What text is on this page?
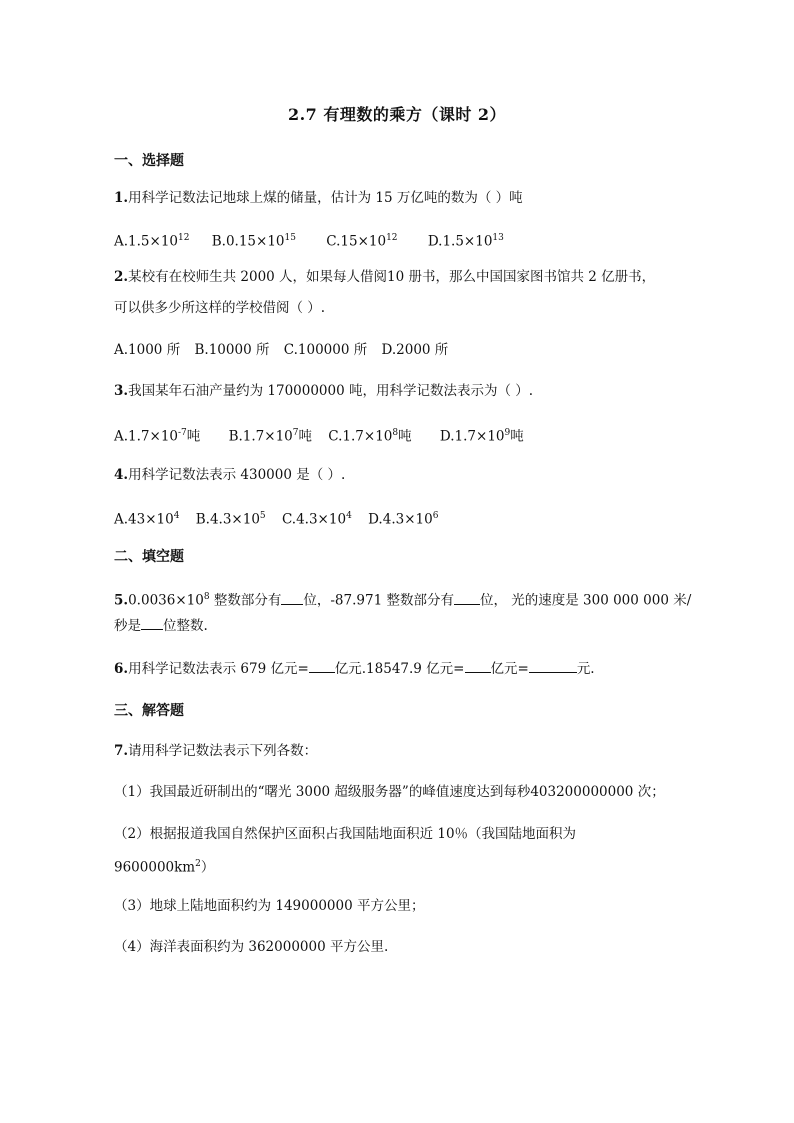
2.7 有理数的乘方（课时 2）
一、选择题
1.用科学记数法记地球上煤的储量，估计为 15 万亿吨的数为（ ）吨
$A.1.5\times 10^{12}$ $B.0.15\times 10^{15}$ $C.15\times 10^{12}$ $D.1.5\times 10^{13}$
2.某校有在校师生共 2000 人，如果每人借阅10 册书，那么中国国家图书馆共 2 亿册书，
可以供多少所这样的学校借阅（ ）.
A.1000 所 B.10000 所 C.100000 所 D.2000 所
3.我国某年石油产量约为 170000000 吨，用科学记数法表示为（ ）.
$A.1.7\times 10^{-7}$吨 $B.1.7\times 10^7$吨 $C.1.7\times 10^8$吨 $D.1.7\times 10^9$吨
4.用科学记数法表示 430000 是（ ）.
$A.43\times 10^4$ $B.4.3\times 10^5$ $C.4.3\times 10^4$ $D.4.3\times 10^6$
二、填空题
$5.0.0036\times 10^8$ 整数部分有 位，-87.971 整数部分有 位， 光的速度是 300 000 000 米/
秒是 位整数.
6.用科学记数法表示 679 亿元= 亿元.18547.9 亿元= 亿元=	元.
三、解答题
7.请用科学记数法表示下列各数：
（1）我国最近研制出的“曙光 3000 超级服务器”的峰值速度达到每秒403200000000 次；
（2）根据报道我国自然保护区面积占我国陆地面积近 10％（我国陆地面积为
$9600000km^2$）
（3）地球上陆地面积约为 149000000 平方公里；
（4）海洋表面积约为 362000000 平方公里.
